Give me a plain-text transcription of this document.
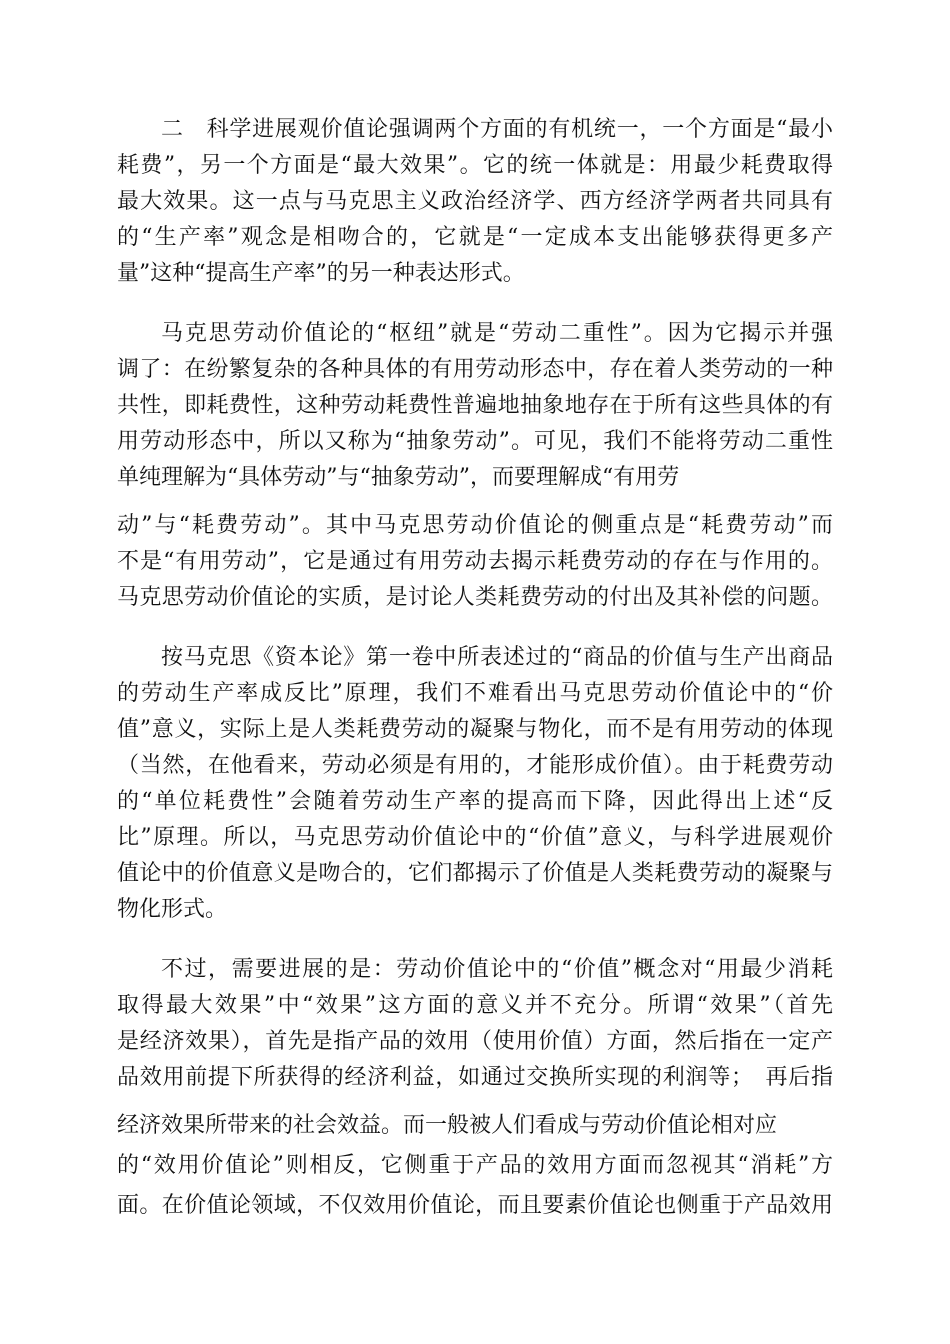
二　科学进展观价值论强调两个方面的有机统一，一个方面是“最小
耗费”，另一个方面是“最大效果”。它的统一体就是：用最少耗费取得
最大效果。这一点与马克思主义政治经济学、西方经济学两者共同具有
的“生产率”观念是相吻合的，它就是“一定成本支出能够获得更多产
量”这种“提高生产率”的另一种表达形式。
马克思劳动价值论的“枢纽”就是“劳动二重性”。因为它揭示并强
调了：在纷繁复杂的各种具体的有用劳动形态中，存在着人类劳动的一种
共性，即耗费性，这种劳动耗费性普遍地抽象地存在于所有这些具体的有
用劳动形态中，所以又称为“抽象劳动”。可见，我们不能将劳动二重性
单纯理解为“具体劳动”与“抽象劳动”，而要理解成“有用劳
动”与“耗费劳动”。其中马克思劳动价值论的侧重点是“耗费劳动”而
不是“有用劳动”，它是通过有用劳动去揭示耗费劳动的存在与作用的。
马克思劳动价值论的实质，是讨论人类耗费劳动的付出及其补偿的问题。
按马克思《资本论》第一卷中所表述过的“商品的价值与生产出商品
的劳动生产率成反比”原理，我们不难看出马克思劳动价值论中的“价
值”意义，实际上是人类耗费劳动的凝聚与物化，而不是有用劳动的体现
（当然，在他看来，劳动必须是有用的，才能形成价值）。由于耗费劳动
的“单位耗费性”会随着劳动生产率的提高而下降，因此得出上述“反
比”原理。所以，马克思劳动价值论中的“价值”意义，与科学进展观价
值论中的价值意义是吻合的，它们都揭示了价值是人类耗费劳动的凝聚与
物化形式。
不过，需要进展的是：劳动价值论中的“价值”概念对“用最少消耗
取得最大效果”中“效果”这方面的意义并不充分。所谓“效果”（首先
是经济效果），首先是指产品的效用（使用价值）方面，然后指在一定产
品效用前提下所获得的经济利益，如通过交换所实现的利润等；　再后指
经济效果所带来的社会效益。而一般被人们看成与劳动价值论相对应
的“效用价值论”则相反，它侧重于产品的效用方面而忽视其“消耗”方
面。在价值论领域，不仅效用价值论，而且要素价值论也侧重于产品效用
